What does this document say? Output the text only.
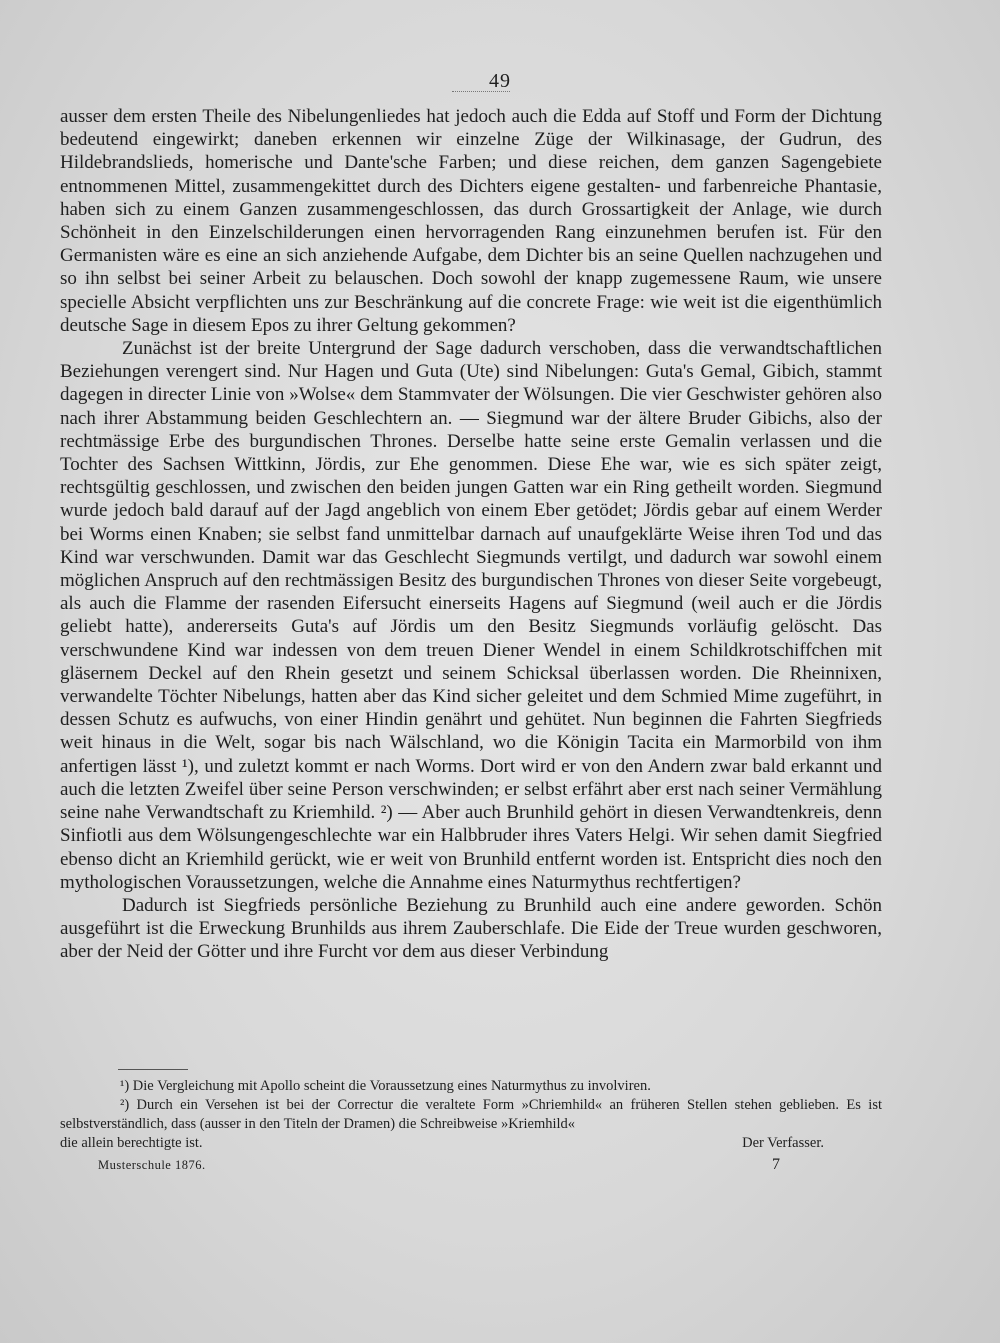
49

ausser dem ersten Theile des Nibelungenliedes hat jedoch auch die Edda auf Stoff und Form der Dichtung bedeutend eingewirkt; daneben erkennen wir einzelne Züge der Wilkinasage, der Gudrun, des Hildebrandslieds, homerische und Dante'sche Farben; und diese reichen, dem ganzen Sagengebiete entnommenen Mittel, zusammengekittet durch des Dichters eigene gestalten- und farbenreiche Phantasie, haben sich zu einem Ganzen zusammengeschlossen, das durch Grossartigkeit der Anlage, wie durch Schönheit in den Einzelschilderungen einen hervorragenden Rang einzunehmen berufen ist. Für den Germanisten wäre es eine an sich anziehende Aufgabe, dem Dichter bis an seine Quellen nachzugehen und so ihn selbst bei seiner Arbeit zu belauschen. Doch sowohl der knapp zugemessene Raum, wie unsere specielle Absicht verpflichten uns zur Beschränkung auf die concrete Frage: wie weit ist die eigenthümlich deutsche Sage in diesem Epos zu ihrer Geltung gekommen?

Zunächst ist der breite Untergrund der Sage dadurch verschoben, dass die verwandtschaftlichen Beziehungen verengert sind. Nur Hagen und Guta (Ute) sind Nibelungen: Guta's Gemal, Gibich, stammt dagegen in directer Linie von »Wolse« dem Stammvater der Wölsungen. Die vier Geschwister gehören also nach ihrer Abstammung beiden Geschlechtern an. — Siegmund war der ältere Bruder Gibichs, also der rechtmässige Erbe des burgundischen Thrones. Derselbe hatte seine erste Gemalin verlassen und die Tochter des Sachsen Wittkinn, Jördis, zur Ehe genommen. Diese Ehe war, wie es sich später zeigt, rechtsgültig geschlossen, und zwischen den beiden jungen Gatten war ein Ring getheilt worden. Siegmund wurde jedoch bald darauf auf der Jagd angeblich von einem Eber getödet; Jördis gebar auf einem Werder bei Worms einen Knaben; sie selbst fand unmittelbar darnach auf unaufgeklärte Weise ihren Tod und das Kind war verschwunden. Damit war das Geschlecht Siegmunds vertilgt, und dadurch war sowohl einem möglichen Anspruch auf den rechtmässigen Besitz des burgundischen Thrones von dieser Seite vorgebeugt, als auch die Flamme der rasenden Eifersucht einerseits Hagens auf Siegmund (weil auch er die Jördis geliebt hatte), andererseits Guta's auf Jördis um den Besitz Siegmunds vorläufig gelöscht. Das verschwundene Kind war indessen von dem treuen Diener Wendel in einem Schildkrotschiffchen mit gläsernem Deckel auf den Rhein gesetzt und seinem Schicksal überlassen worden. Die Rheinnixen, verwandelte Töchter Nibelungs, hatten aber das Kind sicher geleitet und dem Schmied Mime zugeführt, in dessen Schutz es aufwuchs, von einer Hindin genährt und gehütet. Nun beginnen die Fahrten Siegfrieds weit hinaus in die Welt, sogar bis nach Wälschland, wo die Königin Tacita ein Marmorbild von ihm anfertigen lässt ¹), und zuletzt kommt er nach Worms. Dort wird er von den Andern zwar bald erkannt und auch die letzten Zweifel über seine Person verschwinden; er selbst erfährt aber erst nach seiner Vermählung seine nahe Verwandtschaft zu Kriemhild. ²) — Aber auch Brunhild gehört in diesen Verwandtenkreis, denn Sinfiotli aus dem Wölsungengeschlechte war ein Halbbruder ihres Vaters Helgi. Wir sehen damit Siegfried ebenso dicht an Kriemhild gerückt, wie er weit von Brunhild entfernt worden ist. Entspricht dies noch den mythologischen Voraussetzungen, welche die Annahme eines Naturmythus rechtfertigen?

Dadurch ist Siegfrieds persönliche Beziehung zu Brunhild auch eine andere geworden. Schön ausgeführt ist die Erweckung Brunhilds aus ihrem Zauberschlafe. Die Eide der Treue wurden geschworen, aber der Neid der Götter und ihre Furcht vor dem aus dieser Verbindung

¹) Die Vergleichung mit Apollo scheint die Voraussetzung eines Naturmythus zu involviren.

²) Durch ein Versehen ist bei der Correctur die veraltete Form »Chriemhild« an früheren Stellen stehen geblieben. Es ist selbstverständlich, dass (ausser in den Titeln der Dramen) die Schreibweise »Kriemhild«

die allein berechtigte ist.	Der Verfasser.
Musterschule 1876.	7
